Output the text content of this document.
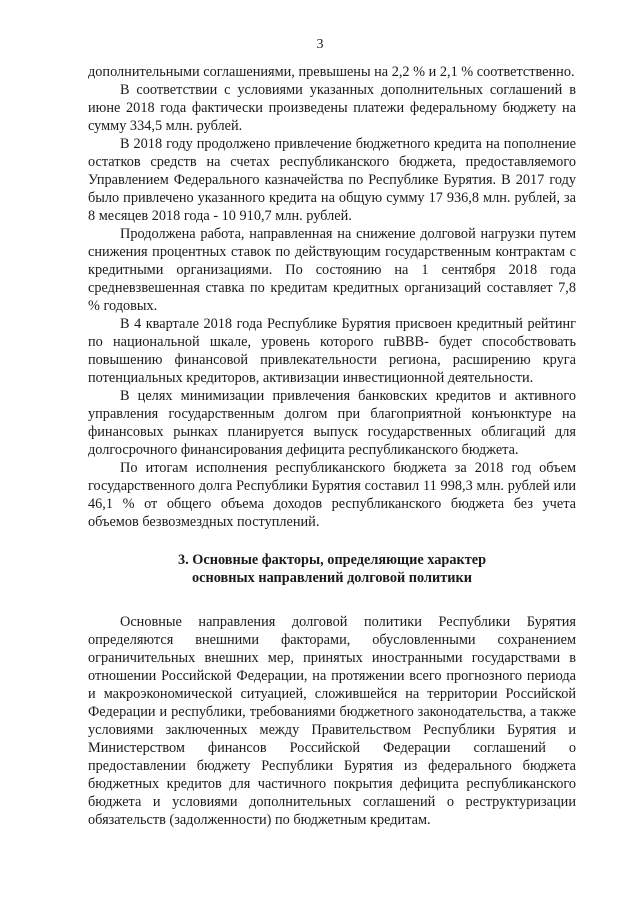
3

дополнительными соглашениями, превышены на 2,2 % и 2,1 % соответственно.

В соответствии с условиями указанных дополнительных соглашений в июне 2018 года фактически произведены платежи федеральному бюджету на сумму 334,5 млн. рублей.

В 2018 году продолжено привлечение бюджетного кредита на пополнение остатков средств на счетах республиканского бюджета, предоставляемого Управлением Федерального казначейства по Республике Бурятия. В 2017 году было привлечено указанного кредита на общую сумму 17 936,8 млн. рублей, за 8 месяцев 2018 года - 10 910,7 млн. рублей.

Продолжена работа, направленная на снижение долговой нагрузки путем снижения процентных ставок по действующим государственным контрактам с кредитными организациями. По состоянию на 1 сентября 2018 года средневзвешенная ставка по кредитам кредитных организаций составляет 7,8 % годовых.

В 4 квартале 2018 года Республике Бурятия присвоен кредитный рейтинг по национальной шкале, уровень которого ruBBB- будет способствовать повышению финансовой привлекательности региона, расширению круга потенциальных кредиторов, активизации инвестиционной деятельности.

В целях минимизации привлечения банковских кредитов и активного управления государственным долгом при благоприятной конъюнктуре на финансовых рынках планируется выпуск государственных облигаций для долгосрочного финансирования дефицита республиканского бюджета.

По итогам исполнения республиканского бюджета за 2018 год объем государственного долга Республики Бурятия составил 11 998,3 млн. рублей или 46,1 % от общего объема доходов республиканского бюджета без учета объемов безвозмездных поступлений.

3. Основные факторы, определяющие характер
основных направлений долговой политики

Основные направления долговой политики Республики Бурятия определяются внешними факторами, обусловленными сохранением ограничительных внешних мер, принятых иностранными государствами в отношении Российской Федерации, на протяжении всего прогнозного периода и макроэкономической ситуацией, сложившейся на территории Российской Федерации и республики, требованиями бюджетного законодательства, а также условиями заключенных между Правительством Республики Бурятия и Министерством финансов Российской Федерации соглашений о предоставлении бюджету Республики Бурятия из федерального бюджета бюджетных кредитов для частичного покрытия дефицита республиканского бюджета и условиями дополнительных соглашений о реструктуризации обязательств (задолженности) по бюджетным кредитам.
